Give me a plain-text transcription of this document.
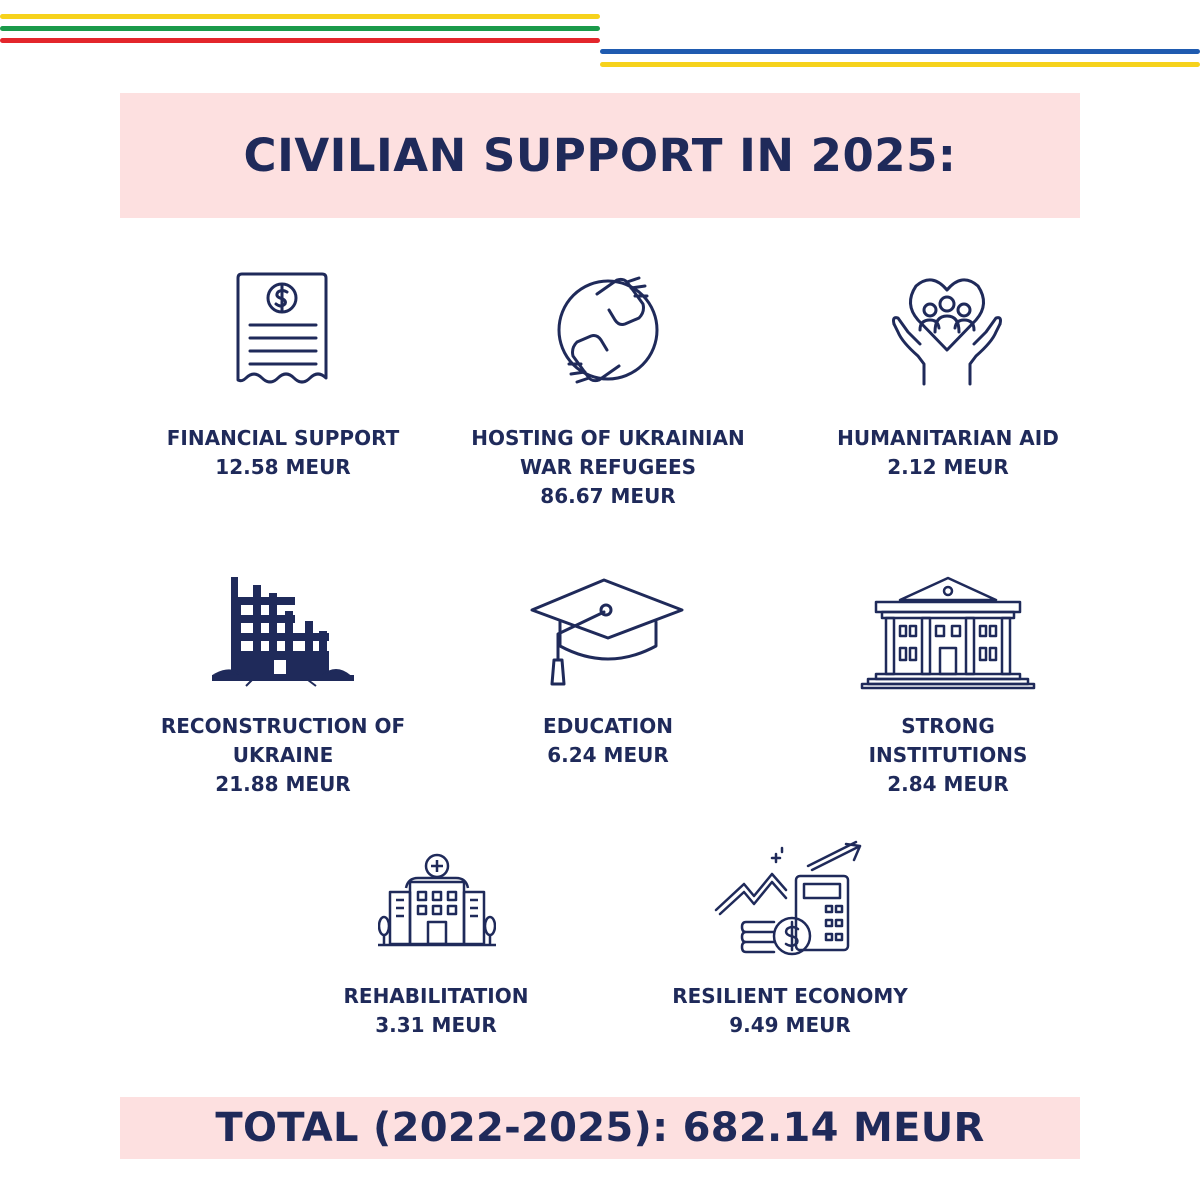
CIVILIAN SUPPORT IN 2025:
FINANCIAL SUPPORT
12.58 MEUR
HOSTING OF UKRAINIAN
WAR REFUGEES
86.67 MEUR
HUMANITARIAN AID
2.12 MEUR
RECONSTRUCTION OF
UKRAINE
21.88 MEUR
EDUCATION
6.24 MEUR
STRONG
INSTITUTIONS
2.84 MEUR
REHABILITATION
3.31 MEUR
RESILIENT ECONOMY
9.49 MEUR
TOTAL (2022-2025): 682.14 MEUR
